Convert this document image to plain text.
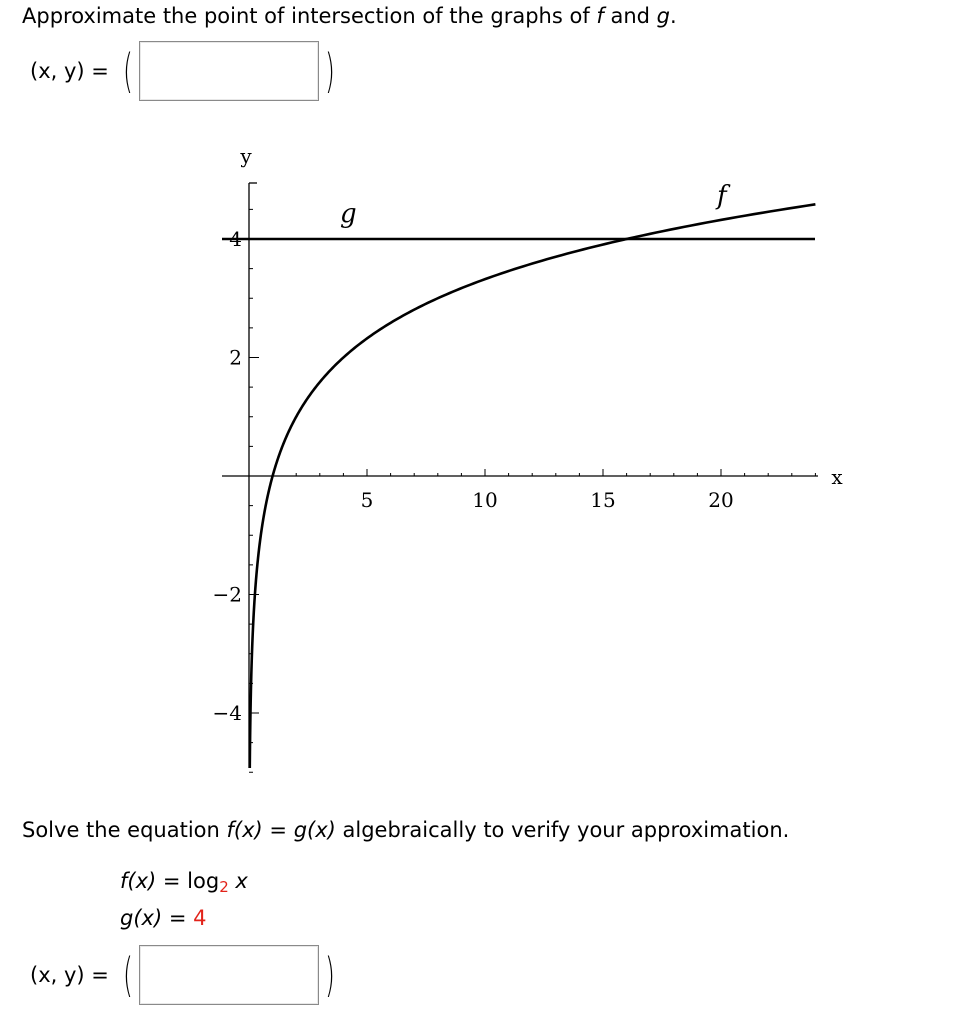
Approximate the point of intersection of the graphs of f and g.
(x, y) = (	)
5	10	15	20
−4
−2
2
4
y
x
f
g
Solve the equation f(x) = g(x) algebraically to verify your approximation.
$f(x) = \log_2 x$
g(x) = 4
(x, y) = (	)
